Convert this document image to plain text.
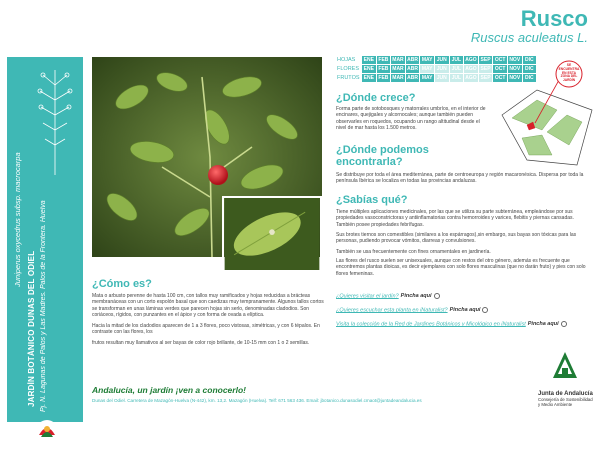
Juniperus oxycedrus subsp. macrocarpa
JARDÍN BOTÁNICO DUNAS DEL ODIEL Pj. N. Lagunas de Palos y Las Madres. Palos de la Frontera. Huelva
Red Andaluza de Jardines Botánicos
Rusco
Ruscus aculeatus L.
HOJAS	ENE	FEB	MAR	ABR	MAY	JUN	JUL	AGO	SEP	OCT	NOV	DIC
FLORES	ENE	FEB	MAR	ABR	MAY	JUN	JUL	AGO	SEP	OCT	NOV	DIC
FRUTOS	ENE	FEB	MAR	ABR	MAY	JUN	JUL	AGO	SEP	OCT	NOV	DIC
SE ENCUENTRA EN ESTA ZONA DEL JARDÍN
¿Dónde crece?
Forma parte de sotobosques y matorrales umbríos, en el interior de encinares, quejigales y alcornocales; aunque también pueden observarles en roquedos, ocupando un rango altitudinal desde el nivel de mar hasta los 1.500 metros.
¿Dónde podemos encontrarla?
Se distribuye por toda el área mediterránea, parte de centroeuropa y región macaronésica. Dispersa por toda la península Ibérica se localiza en todas las provincias andaluzas.
¿Sabías qué?
Tiene múltiples aplicaciones medicinales, por las que se utiliza su parte subterránea, empleándose por sus propiedades vasoconstrictoras y antiinflamatorias contra hemorroides y varices, flebitis y piernas cansadas. También posee propiedades febrífugas.
Sus brotes tiernos son comestibles (similares a los espárragos),sin embargo, sus bayas son tóxicas para las personas, pudiendo provocar vómitos, diarreas y convulsiones.
También se usa frecuentemente con fines ornamentales en jardinería.
Las flores del rusco suelen ser unisexuales, aunque con restos del otro género, además es frecuente que encontremos plantas dioicas, es decir ejemplares con solo flores masculinas (que no darán fruto) y pies con solo flores femeninas.
¿Cómo es?
Mata o arbusto perenne de hasta 100 cm, con tallos muy ramificados y hojas reducidas a brácteas membranáceas con un corto espolón basal que son caedizas muy tempranamente. Algunos tallos cortos se transforman en unas láminas verdes que parecen hojas sin serlo, denominadas cladodios. Son coriáceos, rígidos, con punzantes en el ápice y con forma de ovada a elíptica.
Hacia la mitad de los cladodios aparecen de 1 a 3 flores, poco vistosas, simétricas, y con 6 tépalos. En contraste con las flores, los
frutos resultan muy llamativos al ser bayas de color rojo brillante, de 10-15 mm con 1 o 2 semillas.
¿Quieres visitar el jardín? Pincha aquí
¿Quieres escuchar esta planta en iNaturalist? Pincha aquí
Visita la colección de la Red de Jardines Botánicos y Micológico en iNaturalist Pincha aquí
Andalucía, un jardín ¡ven a conocerlo!
Dunas del Odiel. Carretera de Mazagón-Huelva (N-442), km. 13,2. Mazagón (Huelva). Telf: 671 563 436. Email: jbotanico.dunasodiel.cmaot@juntadeandalucia.es
Junta de Andalucía
Consejería de Sostenibilidad y Medio Ambiente
